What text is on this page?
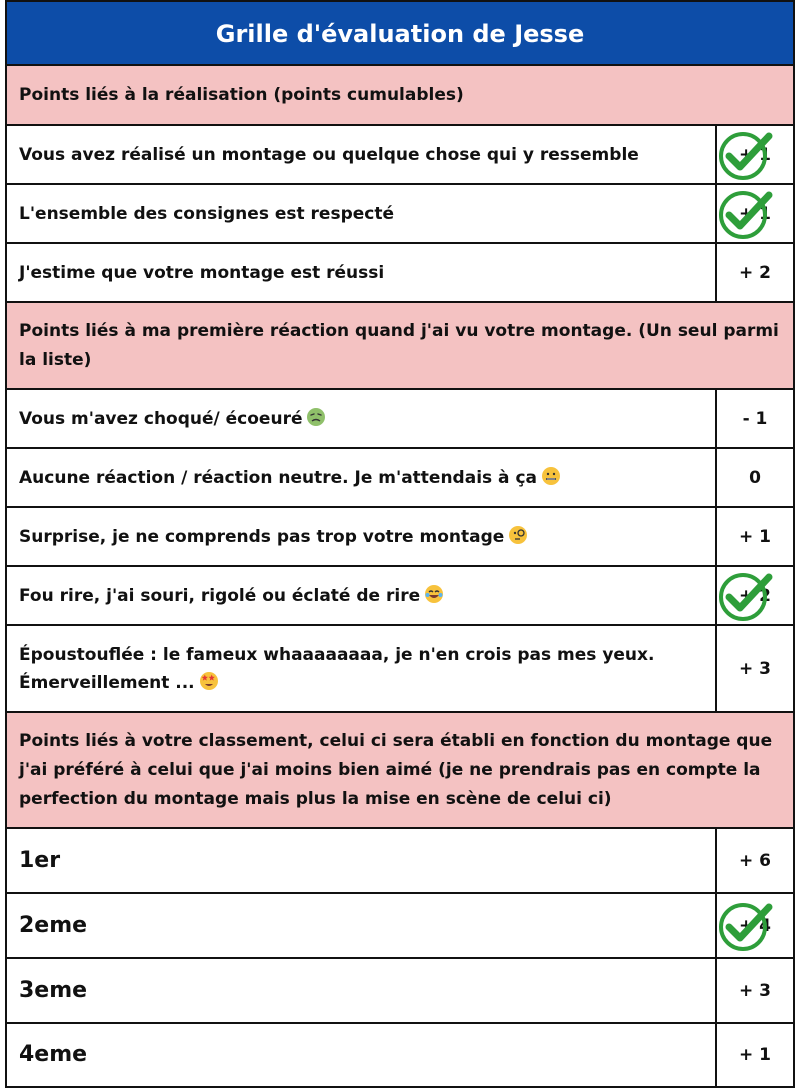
Grille d'évaluation de Jesse
Points liés à la réalisation (points cumulables)	
Vous avez réalisé un montage ou quelque chose qui y ressemble	+ 1

L'ensemble des consignes est respecté	+ 1

J'estime que votre montage est réussi	+ 2
Points liés à ma première réaction quand j'ai vu votre montage. (Un seul parmi la liste)	
Vous m'avez choqué/ écoeuré	- 1
Aucune réaction / réaction neutre. Je m'attendais à ça	0
Surprise, je ne comprends pas trop votre montage	+ 1
Fou rire, j'ai souri, rigolé ou éclaté de rire	+ 2

Époustouflée : le fameux whaaaaaaaa, je n'en crois pas mes yeux. Émerveillement ...	+ 3
Points liés à votre classement, celui ci sera établi en fonction du montage que j'ai préféré à celui que j'ai moins bien aimé (je ne prendrais pas en compte la perfection du montage mais plus la mise en scène de celui ci)	
1er	+ 6
2eme	+ 4

3eme	+ 3
4eme	+ 1
